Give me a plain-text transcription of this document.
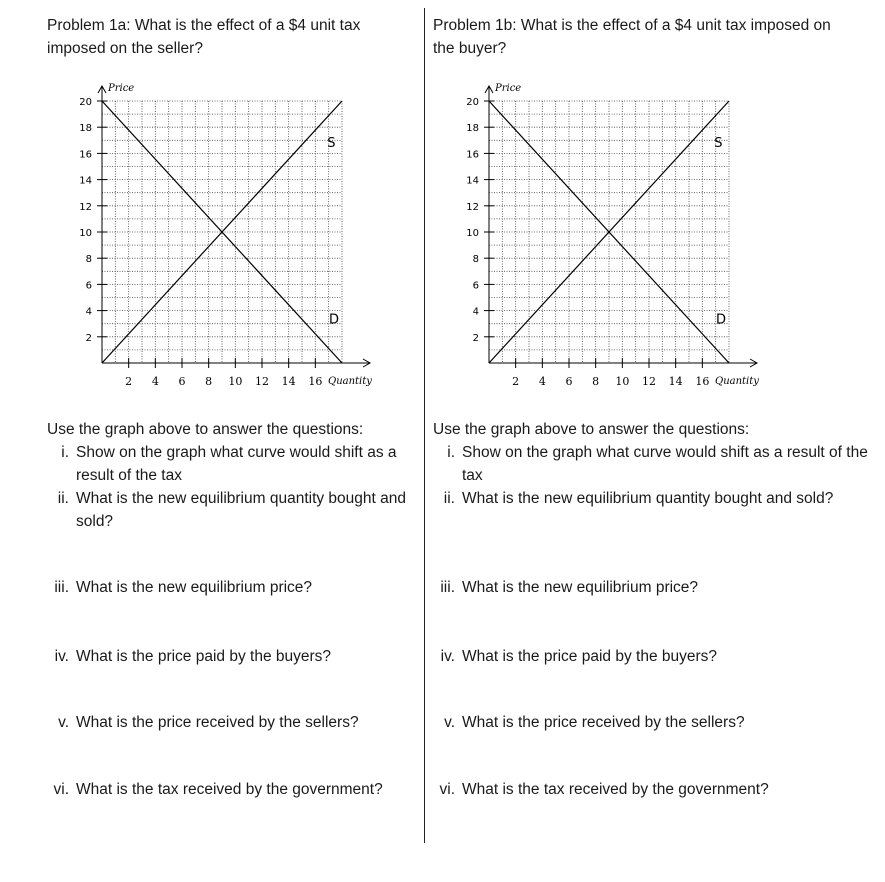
Problem 1a: What is the effect of a $4 unit tax imposed on the seller?
2
4
6
8
10
12
14
16
18
20
2 4 6 8 10 12 14 16
Price
Quantity
S
D
Use the graph above to answer the questions:
i. Show on the graph what curve would shift as a result of the tax
ii. What is the new equilibrium quantity bought and sold?
iii. What is the new equilibrium price?
iv. What is the price paid by the buyers?
v. What is the price received by the sellers?
vi. What is the tax received by the government?
Problem 1b: What is the effect of a $4 unit tax imposed on the buyer?
i. Show on the graph what curve would shift as a result of the tax
ii. What is the new equilibrium quantity bought and sold?
iii. What is the new equilibrium price?
iv. What is the price paid by the buyers?
v. What is the price received by the sellers?
vi. What is the tax received by the government?
Use the graph above to answer the questions:
2
4
6
8
10
12
14
16
18
20
2 4 6 8 10 12 14 16
Price
Quantity
S
D
